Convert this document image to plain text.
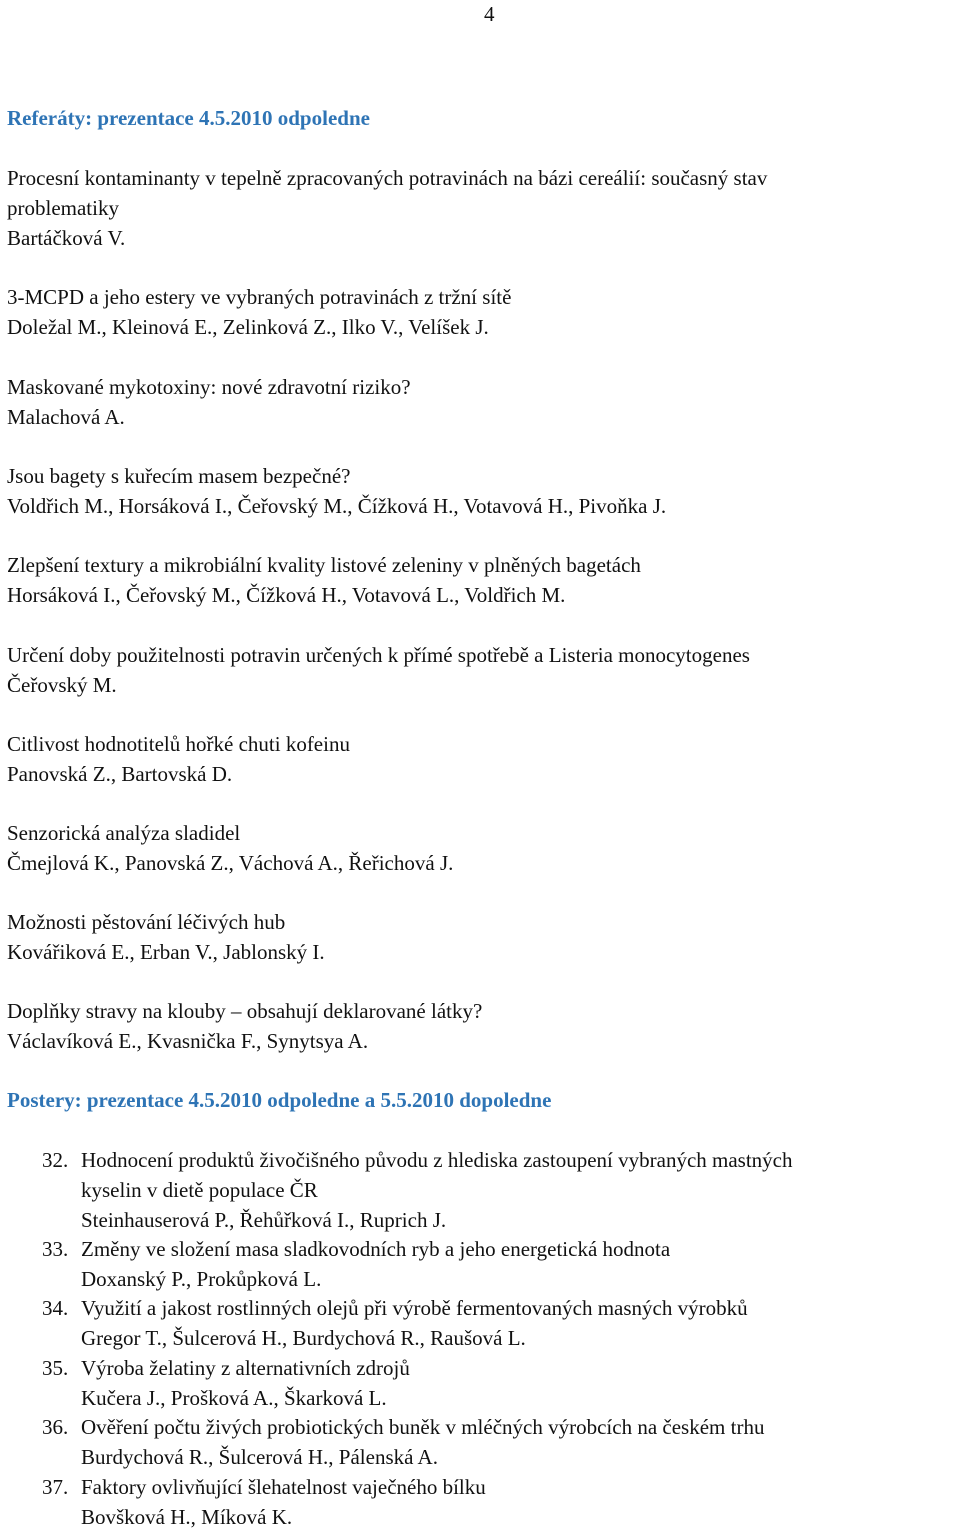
4
Referáty: prezentace 4.5.2010 odpoledne
Procesní kontaminanty v tepelně zpracovaných potravinách na bázi cereálií: současný stav
problematiky
Bartáčková V.
3-MCPD a jeho estery ve vybraných potravinách z tržní sítě
Doležal M., Kleinová E., Zelinková Z., Ilko V., Velíšek J.
Maskované mykotoxiny: nové zdravotní riziko?
Malachová A.
Jsou bagety s kuřecím masem bezpečné?
Voldřich M., Horsáková I., Čeřovský M., Čížková H., Votavová H., Pivoňka J.
Zlepšení textury a mikrobiální kvality listové zeleniny v plněných bagetách
Horsáková I., Čeřovský M., Čížková H., Votavová L., Voldřich M.
Určení doby použitelnosti potravin určených k přímé spotřebě a Listeria monocytogenes
Čeřovský M.
Citlivost hodnotitelů hořké chuti kofeinu
Panovská Z., Bartovská D.
Senzorická analýza sladidel
Čmejlová K., Panovská Z., Váchová A., Řeřichová J.
Možnosti pěstování léčivých hub
Kovářiková E., Erban V., Jablonský I.
Doplňky stravy na klouby – obsahují deklarované látky?
Václavíková E., Kvasnička F., Synytsya A.
Postery: prezentace 4.5.2010 odpoledne a 5.5.2010 dopoledne
32. Hodnocení produktů živočišného původu z hlediska zastoupení vybraných mastných
kyselin v dietě populace ČR
Steinhauserová P., Řehůřková I., Ruprich J.
33. Změny ve složení masa sladkovodních ryb a jeho energetická hodnota
Doxanský P., Prokůpková L.
34. Využití a jakost rostlinných olejů při výrobě fermentovaných masných výrobků
Gregor T., Šulcerová H., Burdychová R., Raušová L.
35. Výroba želatiny z alternativních zdrojů
Kučera J., Prošková A., Škarková L.
36. Ověření počtu živých probiotických buněk v mléčných výrobcích na českém trhu
Burdychová R., Šulcerová H., Pálenská A.
37. Faktory ovlivňující šlehatelnost vaječného bílku
Bovšková H., Míková K.
